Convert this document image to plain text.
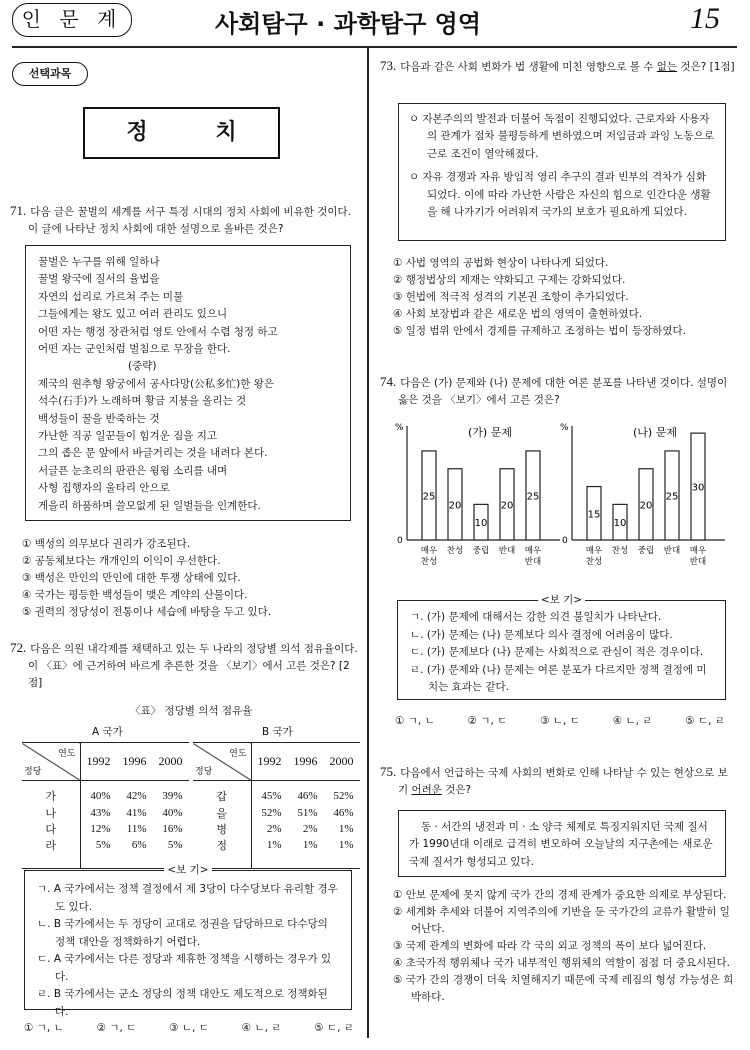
인 문 계	사회탐구 · 과학탐구 영역	15
선택과목
정 치
71. 다음 글은 꿀벌의 세계를 서구 특정 시대의 정치 사회에 비유한 것이다. 이 글에 나타난 정치 사회에 대한 설명으로 올바른 것은?
꿀벌은 누구를 위해 일하나
꿀벌 왕국에 질서의 율법을
자연의 섭리로 가르쳐 주는 미물
그들에게는 왕도 있고 여러 관리도 있으니
어떤 자는 행정 장관처럼 영토 안에서 수렴 청정 하고
어떤 자는 군인처럼 벌침으로 무장을 한다.
(중략)
제국의 원추형 왕궁에서 공사다망(公私多忙)한 왕은
석수(石手)가 노래하며 황금 지붕을 올리는 것
백성들이 꿀을 반죽하는 것
가난한 직공 일꾼들이 힘겨운 짐을 지고
그의 좁은 문 앞에서 바글거리는 것을 내려다 본다.
서글픈 눈초리의 판관은 윙윙 소리를 내며
사형 집행자의 울타리 안으로
게을리 하품하며 쓸모없게 된 일벌들을 인계한다.
① 백성의 의무보다 권리가 강조된다.
② 공동체보다는 개개인의 이익이 우선한다.
③ 백성은 만인의 만인에 대한 투쟁 상태에 있다.
④ 국가는 평등한 백성들이 맺은 계약의 산물이다.
⑤ 권력의 정당성이 전통이나 세습에 바탕을 두고 있다.
72. 다음은 의원 내각제를 채택하고 있는 두 나라의 정당별 의석 점유율이다. 이 〈표〉에 근거하여 바르게 추론한 것을 〈보기〉에서 고른 것은? [2점]
〈표〉 정당별 의석 점유율
A 국가	B 국가
연도
정당	1992	1996	2000
가	40%	42%	39%
나	43%	41%	40%
다	12%	11%	16%
라	5%	6%	5%

연도
정당	1992	1996	2000
갑	45%	46%	52%
을	52%	51%	46%
병	2%	2%	1%
정	1%	1%	1%

<보 기>
ㄱ. A 국가에서는 정책 결정에서 제 3당이 다수당보다 유리할 경우도 있다.
ㄴ. B 국가에서는 두 정당이 교대로 정권을 담당하므로 다수당의 정책 대안을 정책화하기 어렵다.
ㄷ. A 국가에서는 다른 정당과 제휴한 정책을 시행하는 경우가 있다.
ㄹ. B 국가에서는 군소 정당의 정책 대안도 제도적으로 정책화된다.
① ㄱ, ㄴ	② ㄱ, ㄷ	③ ㄴ, ㄷ	④ ㄴ, ㄹ	⑤ ㄷ, ㄹ
73. 다음과 같은 사회 변화가 법 생활에 미친 영향으로 볼 수 없는 것은? [1점]
ㅇ 자본주의의 발전과 더불어 독점이 진행되었다. 근로자와 사용자의 관계가 점차 불평등하게 변하였으며 저임금과 과잉 노동으로 근로 조건이 열악해졌다.
ㅇ 자유 경쟁과 자유 방임적 영리 추구의 결과 빈부의 격차가 심화되었다. 이에 따라 가난한 사람은 자신의 힘으로 인간다운 생활을 해 나가기가 어려워져 국가의 보호가 필요하게 되었다.
① 사법 영역의 공법화 현상이 나타나게 되었다.
② 행정법상의 제재는 약화되고 구제는 강화되었다.
③ 헌법에 적극적 성격의 기본권 조항이 추가되었다.
④ 사회 보장법과 같은 새로운 법의 영역이 출현하였다.
⑤ 일정 범위 안에서 경제를 규제하고 조정하는 법이 등장하였다.
74. 다음은 (가) 문제와 (나) 문제에 대한 여론 분포를 나타낸 것이다. 설명이 옳은 것을 〈보기〉에서 고른 것은?
%
0
(가) 문제
25
매우 찬성
20
찬성
10
중립
20
반대
25
매우 반대
%
0
(나) 문제
15
매우 찬성
10
찬성
20
중립
25
반대
30
매우 반대
<보 기>
ㄱ. (가) 문제에 대해서는 강한 의견 불일치가 나타난다.
ㄴ. (가) 문제는 (나) 문제보다 의사 결정에 어려움이 많다.
ㄷ. (가) 문제보다 (나) 문제는 사회적으로 관심이 적은 경우이다.
ㄹ. (가) 문제와 (나) 문제는 여론 분포가 다르지만 정책 결정에 미치는 효과는 같다.
① ㄱ, ㄴ	② ㄱ, ㄷ	③ ㄴ, ㄷ	④ ㄴ, ㄹ	⑤ ㄷ, ㄹ
75. 다음에서 언급하는 국제 사회의 변화로 인해 나타날 수 있는 현상으로 보기 어려운 것은?
동 · 서간의 냉전과 미 · 소 양극 체제로 특징지워지던 국제 질서가 1990년대 이래로 급격히 변모하여 오늘날의 지구촌에는 새로운 국제 질서가 형성되고 있다.
① 안보 문제에 못지 않게 국가 간의 경제 관계가 중요한 의제로 부상된다.
② 세계화 추세와 더불어 지역주의에 기반을 둔 국가간의 교류가 활발히 일어난다.
③ 국제 관계의 변화에 따라 각 국의 외교 정책의 폭이 보다 넓어진다.
④ 초국가적 행위체나 국가 내부적인 행위체의 역할이 점점 더 중요시된다.
⑤ 국가 간의 경쟁이 더욱 치열해지기 때문에 국제 레짐의 형성 가능성은 희박하다.
